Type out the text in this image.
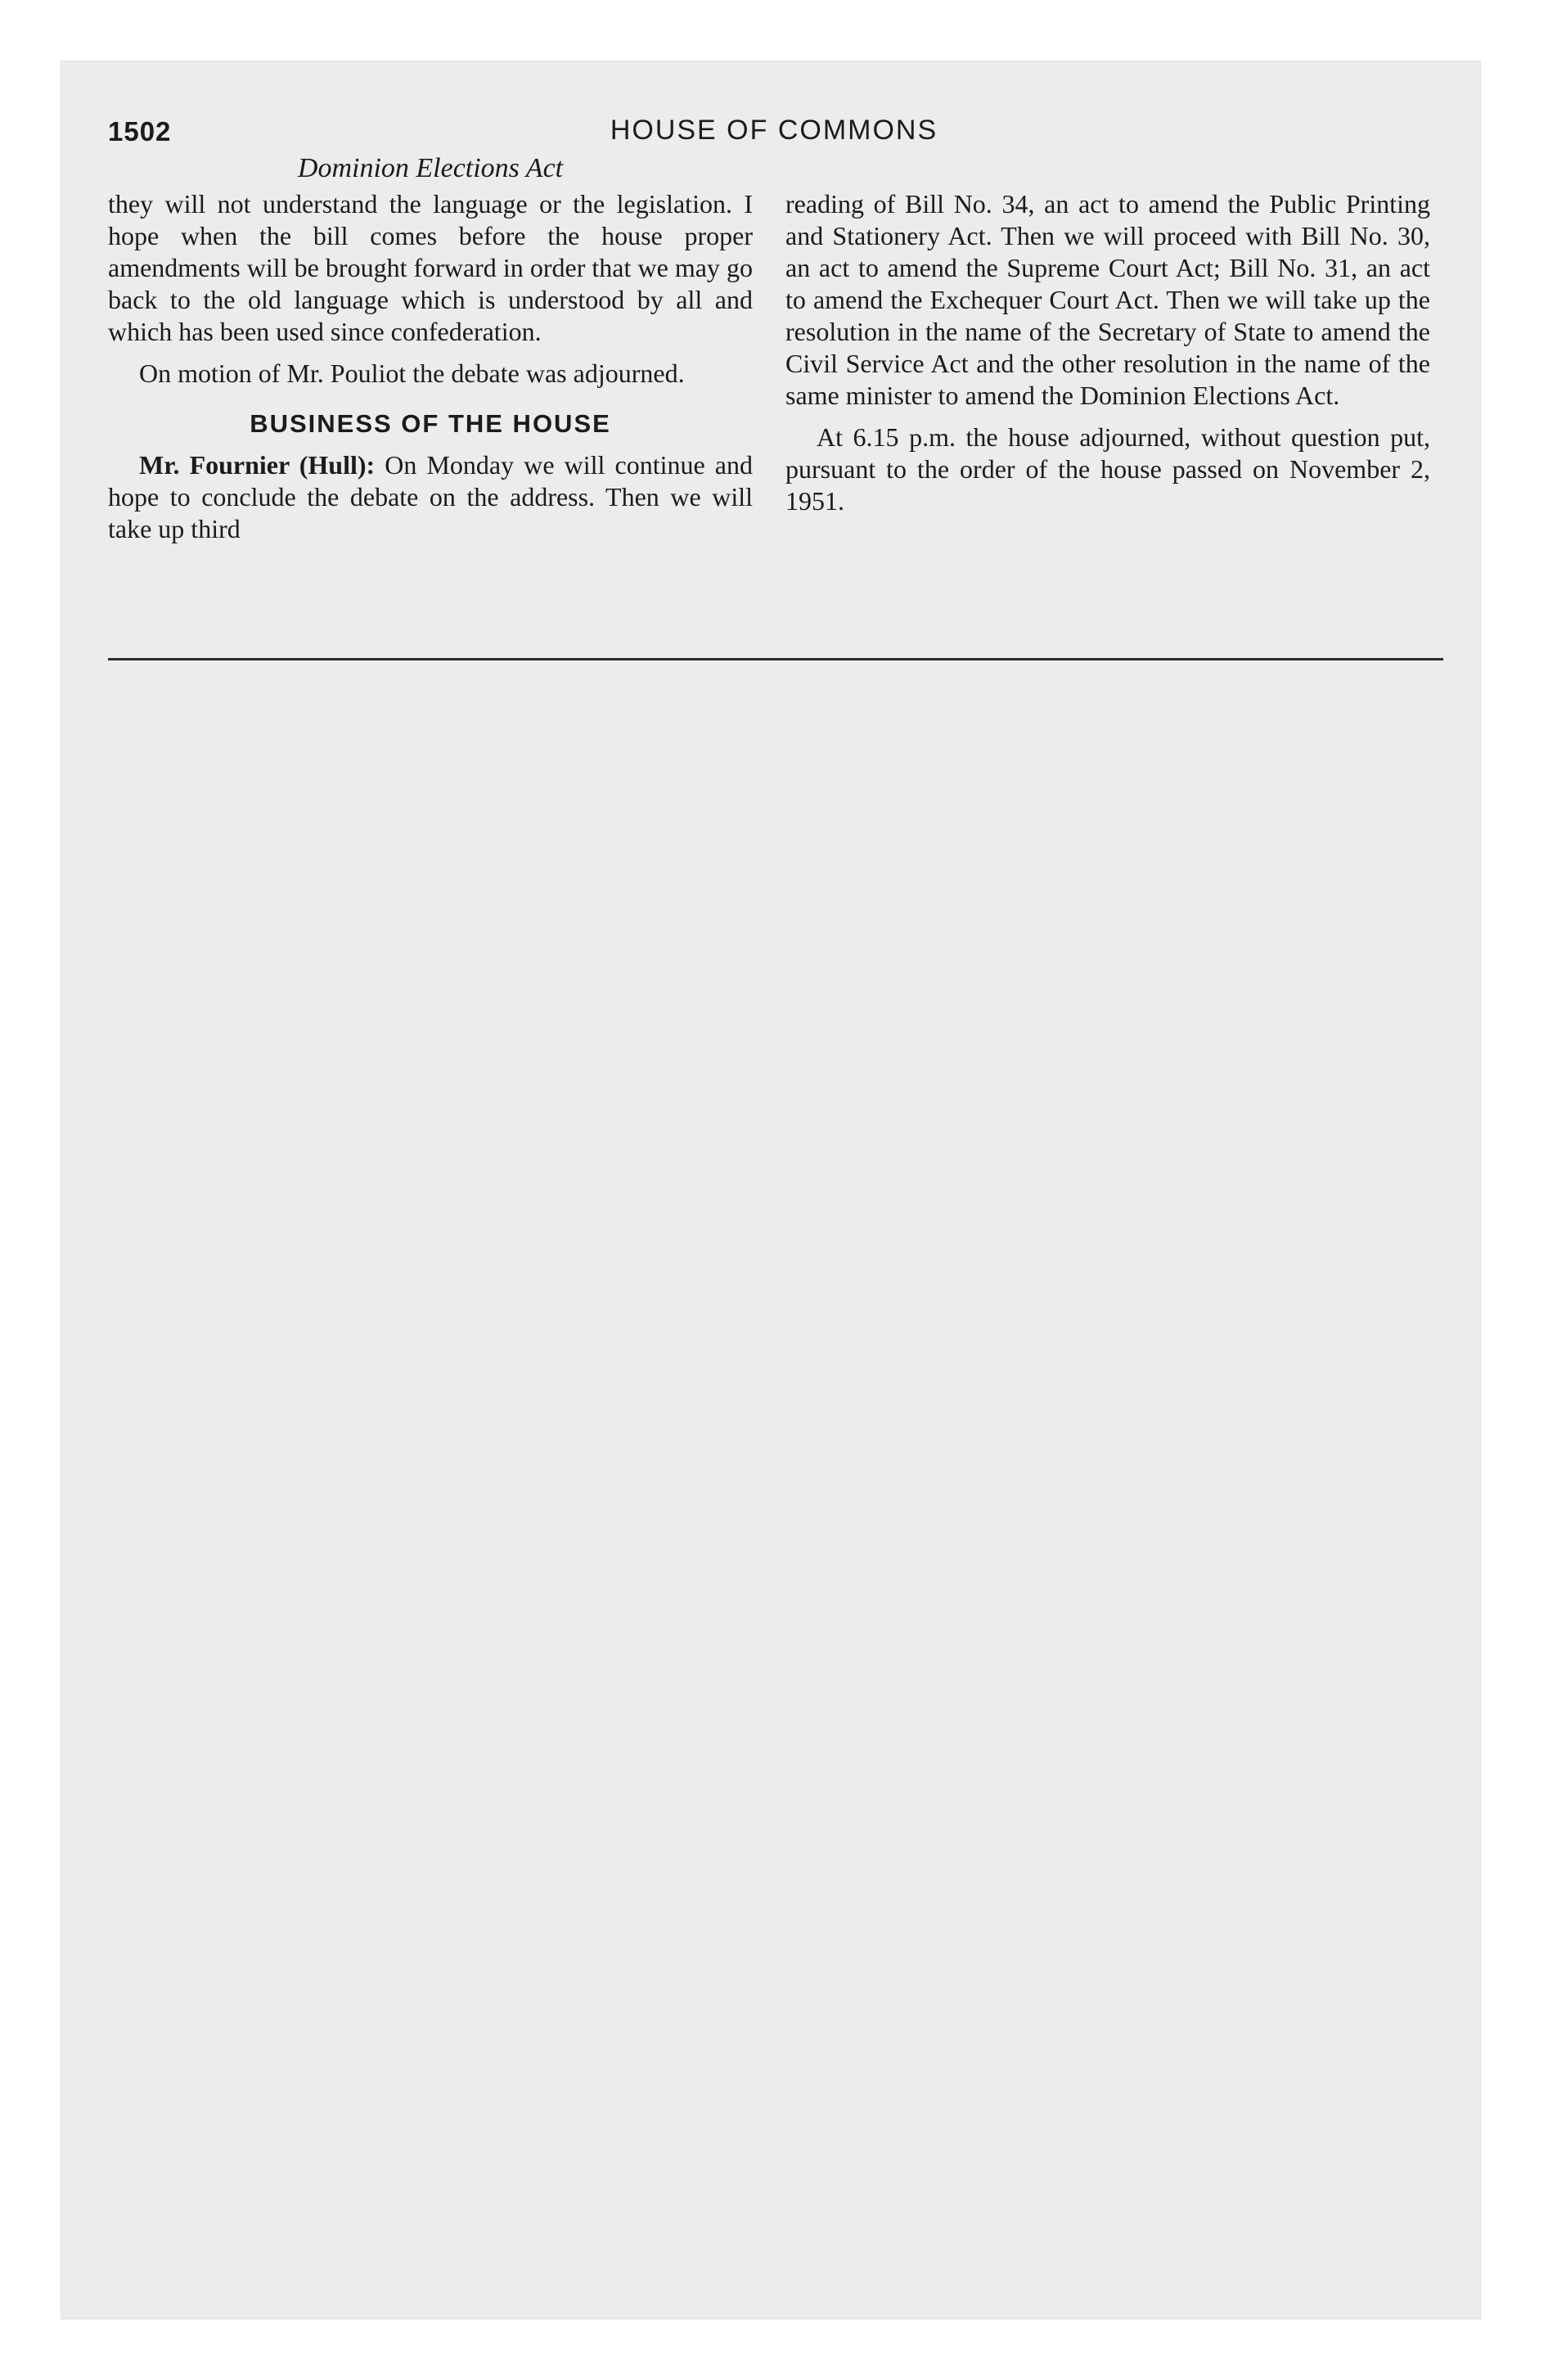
1502	HOUSE OF COMMONS
Dominion Elections Act

they will not understand the language or the legislation. I hope when the bill comes before the house proper amendments will be brought forward in order that we may go back to the old language which is understood by all and which has been used since confederation.

On motion of Mr. Pouliot the debate was adjourned.

BUSINESS OF THE HOUSE

Mr. Fournier (Hull): On Monday we will continue and hope to conclude the debate on the address. Then we will take up third

reading of Bill No. 34, an act to amend the Public Printing and Stationery Act. Then we will proceed with Bill No. 30, an act to amend the Supreme Court Act; Bill No. 31, an act to amend the Exchequer Court Act. Then we will take up the resolution in the name of the Secretary of State to amend the Civil Service Act and the other resolution in the name of the same minister to amend the Dominion Elections Act.

At 6.15 p.m. the house adjourned, without question put, pursuant to the order of the house passed on November 2, 1951.
